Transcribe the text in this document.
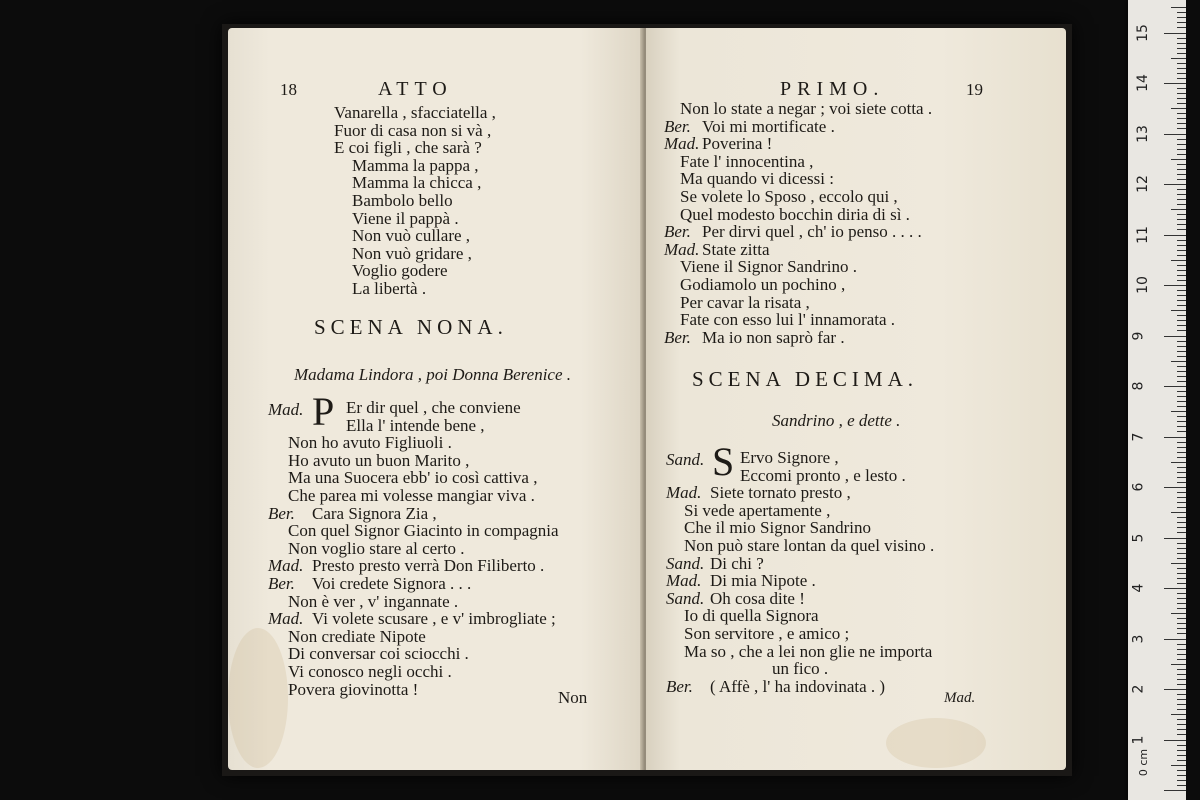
18	ATTO
Vanarella , sfacciatella ,
Fuor di casa non si và ,
E coi figli , che sarà ?
Mamma la pappa ,
Mamma la chicca ,
Bambolo bello
Viene il pappà .
Non vuò cullare ,
Non vuò gridare ,
Voglio godere
La libertà .
SCENA NONA.
Madama Lindora , poi Donna Berenice .
Mad. P Er dir quel , che conviene
Ella l' intende bene ,
Non ho avuto Figliuoli .
Ho avuto un buon Marito ,
Ma una Suocera ebb' io così cattiva ,
Che parea mi volesse mangiar viva .
Ber. Cara Signora Zia ,
Con quel Signor Giacinto in compagnia
Non voglio stare al certo .
Mad. Presto presto verrà Don Filiberto .
Ber. Voi credete Signora . . .
Non è ver , v' ingannate .
Mad. Vi volete scusare , e v' imbrogliate ;
Non crediate Nipote
Di conversar coi sciocchi .
Vi conosco negli occhi .
Povera giovinotta !	Non
PRIMO.	19
Non lo state a negar ; voi siete cotta .
Ber. Voi mi mortificate .
Mad. Poverina !
Fate l' innocentina ,
Ma quando vi dicessi :
Se volete lo Sposo , eccolo qui ,
Quel modesto bocchin diria di sì .
Ber. Per dirvi quel , ch' io penso . . . .
Mad. State zitta
Viene il Signor Sandrino .
Godiamolo un pochino ,
Per cavar la risata ,
Fate con esso lui l' innamorata .
Ber. Ma io non saprò far .
SCENA DECIMA.
Sandrino , e dette .
Sand. S Ervo Signore ,
Eccomi pronto , e lesto .
Mad. Siete tornato presto ,
Si vede apertamente ,
Che il mio Signor Sandrino
Non può stare lontan da quel visino .
Sand. Di chi ?
Mad. Di mia Nipote .
Sand. Oh cosa dite !
Io di quella Signora
Son servitore , e amico ;
Ma so , che a lei non glie ne importa
un fico .
Ber. ( Affè , l' ha indovinata . )
Mad.
1
2
3
4
5
6
7
8
9
10
11
12
13
14
15
0 cm
